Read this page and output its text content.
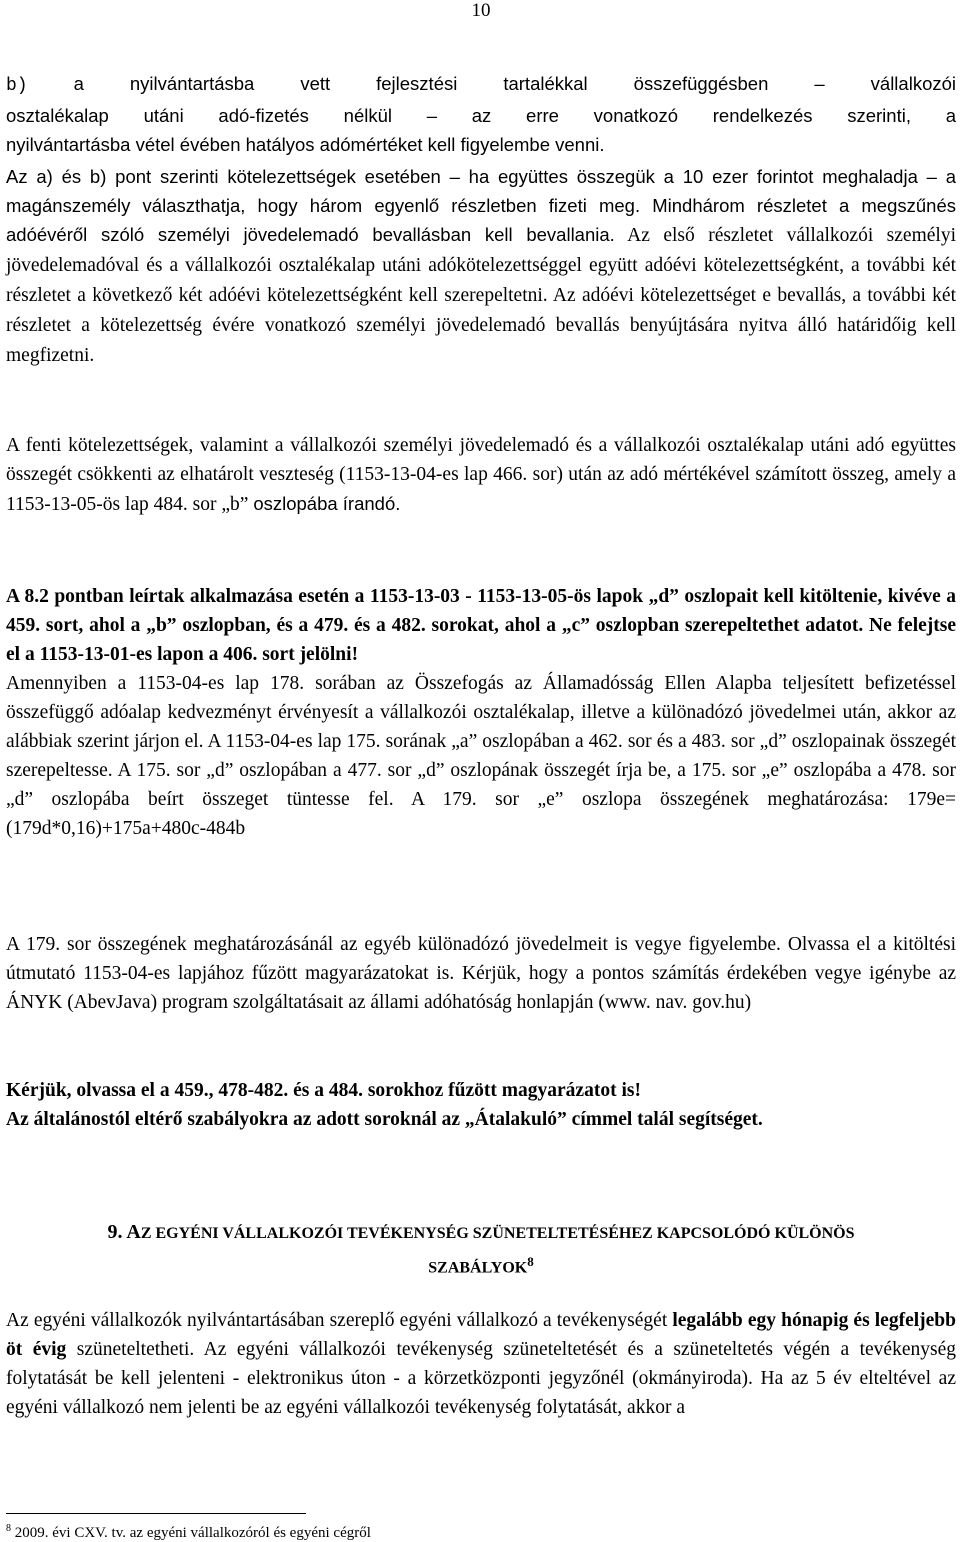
10

b) a nyilvántartásba vett fejlesztési tartalékkal összefüggésben – vállalkozói

osztalékalap utáni adó-fizetés nélkül – az erre vonatkozó rendelkezés szerinti, a

nyilvántartásba vétel évében hatályos adómértéket kell figyelembe venni.

Az a) és b) pont szerinti kötelezettségek esetében – ha együttes összegük a 10 ezer forintot meghaladja – a magánszemély választhatja, hogy három egyenlő részletben fizeti meg. Mindhárom részletet a megszűnés adóévéről szóló személyi jövedelemadó bevallásban kell bevallania. Az első részletet vállalkozói személyi jövedelemadóval és a vállalkozói osztalékalap utáni adókötelezettséggel együtt adóévi kötelezettségként, a további két részletet a következő két adóévi kötelezettségként kell szerepeltetni. Az adóévi kötelezettséget e bevallás, a további két részletet a kötelezettség évére vonatkozó személyi jövedelemadó bevallás benyújtására nyitva álló határidőig kell megfizetni.

A fenti kötelezettségek, valamint a vállalkozói személyi jövedelemadó és a vállalkozói osztalékalap utáni adó együttes összegét csökkenti az elhatárolt veszteség (1153-13-04-es lap 466. sor) után az adó mértékével számított összeg, amely a 1153-13-05-ös lap 484. sor „b” oszlopába írandó.

A 8.2 pontban leírtak alkalmazása esetén a 1153-13-03 - 1153-13-05-ös lapok „d” oszlopait kell kitöltenie, kivéve a 459. sort, ahol a „b” oszlopban, és a 479. és a 482. sorokat, ahol a „c” oszlopban szerepeltethet adatot. Ne felejtse el a 1153-13-01-es lapon a 406. sort jelölni!

Amennyiben a 1153-04-es lap 178. sorában az Összefogás az Államadósság Ellen Alapba teljesített befizetéssel összefüggő adóalap kedvezményt érvényesít a vállalkozói osztalékalap, illetve a különadózó jövedelmei után, akkor az alábbiak szerint járjon el. A 1153-04-es lap 175. sorának „a” oszlopában a 462. sor és a 483. sor „d” oszlopainak összegét szerepeltesse. A 175. sor „d” oszlopában a 477. sor „d” oszlopának összegét írja be, a 175. sor „e” oszlopába a 478. sor „d” oszlopába beírt összeget tüntesse fel. A 179. sor „e” oszlopa összegének meghatározása: 179e=(179d*0,16)+175a+480c-484b

A 179. sor összegének meghatározásánál az egyéb különadózó jövedelmeit is vegye figyelembe. Olvassa el a kitöltési útmutató 1153-04-es lapjához fűzött magyarázatokat is. Kérjük, hogy a pontos számítás érdekében vegye igénybe az ÁNYK (AbevJava) program szolgáltatásait az állami adóhatóság honlapján (www. nav. gov.hu)

Kérjük, olvassa el a 459., 478-482. és a 484. sorokhoz fűzött magyarázatot is!

Az általánostól eltérő szabályokra az adott soroknál az „Átalakuló” címmel talál segítséget.

9. AZ EGYÉNI VÁLLALKOZÓI TEVÉKENYSÉG SZÜNETELTETÉSÉHEZ KAPCSOLÓDÓ KÜLÖNÖS
SZABÁLYOK$^8$

Az egyéni vállalkozók nyilvántartásában szereplő egyéni vállalkozó a tevékenységét legalább egy hónapig és legfeljebb öt évig szüneteltetheti. Az egyéni vállalkozói tevékenység szüneteltetését és a szüneteltetés végén a tevékenység folytatását be kell jelenteni - elektronikus úton - a körzetközponti jegyzőnél (okmányiroda). Ha az 5 év elteltével az egyéni vállalkozó nem jelenti be az egyéni vállalkozói tevékenység folytatását, akkor a

$^8$ 2009. évi CXV. tv. az egyéni vállalkozóról és egyéni cégről
